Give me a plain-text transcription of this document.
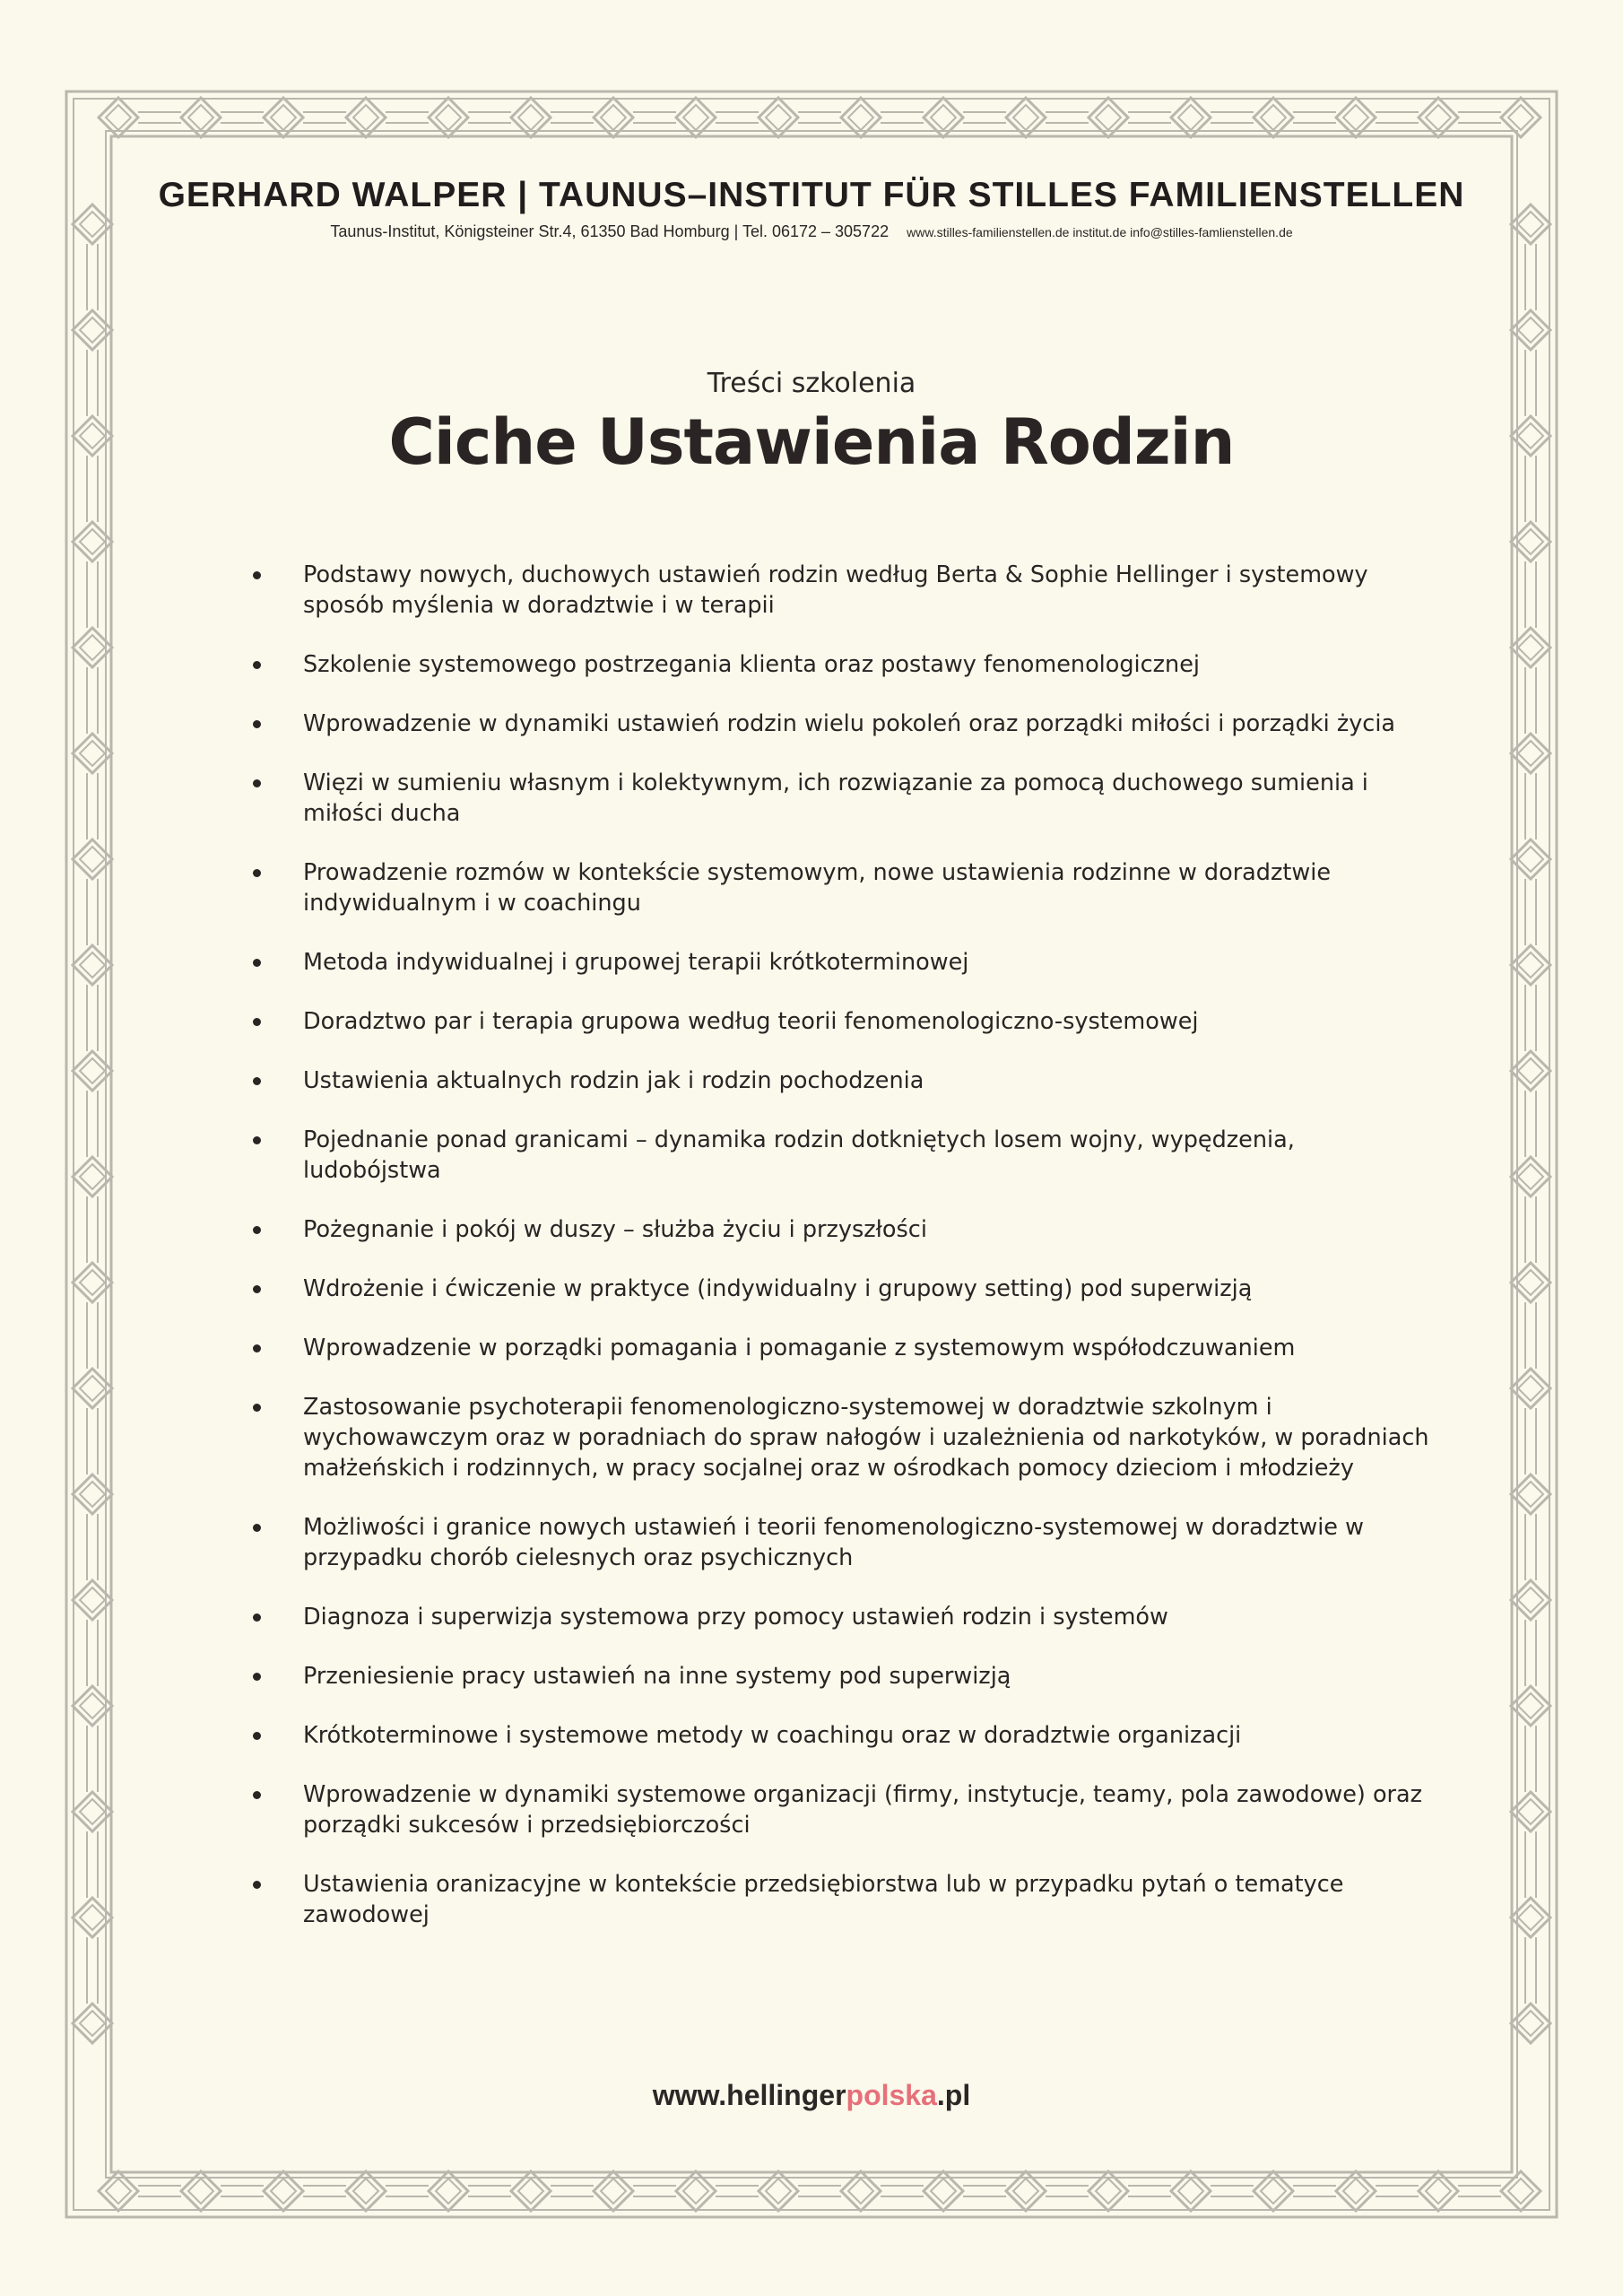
GERHARD WALPER | TAUNUS–INSTITUT FÜR STILLES FAMILIENSTELLEN
Taunus-Institut, Königsteiner Str.4, 61350 Bad Homburg | Tel. 06172 – 305722 www.stilles-familienstellen.de institut.de info@stilles-famlienstellen.de
Treści szkolenia
Ciche Ustawienia Rodzin
Podstawy nowych, duchowych ustawień rodzin według Berta & Sophie Hellinger i systemowy sposób myślenia w doradztwie i w terapii
Szkolenie systemowego postrzegania klienta oraz postawy fenomenologicznej
Wprowadzenie w dynamiki ustawień rodzin wielu pokoleń oraz porządki miłości i porządki życia
Więzi w sumieniu własnym i kolektywnym, ich rozwiązanie za pomocą duchowego sumienia i miłości ducha
Prowadzenie rozmów w kontekście systemowym, nowe ustawienia rodzinne w doradztwie indywidualnym i w coachingu
Metoda indywidualnej i grupowej terapii krótkoterminowej
Doradztwo par i terapia grupowa według teorii fenomenologiczno-systemowej
Ustawienia aktualnych rodzin jak i rodzin pochodzenia
Pojednanie ponad granicami – dynamika rodzin dotkniętych losem wojny, wypędzenia, ludobójstwa
Pożegnanie i pokój w duszy – służba życiu i przyszłości
Wdrożenie i ćwiczenie w praktyce (indywidualny i grupowy setting) pod superwizją
Wprowadzenie w porządki pomagania i pomaganie z systemowym współodczuwaniem
Zastosowanie psychoterapii fenomenologiczno-systemowej w doradztwie szkolnym i wychowawczym oraz w poradniach do spraw nałogów i uzależnienia od narkotyków, w poradniach małżeńskich i rodzinnych, w pracy socjalnej oraz w ośrodkach pomocy dzieciom i młodzieży
Możliwości i granice nowych ustawień i teorii fenomenologiczno-systemowej w doradztwie w przypadku chorób cielesnych oraz psychicznych
Diagnoza i superwizja systemowa przy pomocy ustawień rodzin i systemów
Przeniesienie pracy ustawień na inne systemy pod superwizją
Krótkoterminowe i systemowe metody w coachingu oraz w doradztwie organizacji
Wprowadzenie w dynamiki systemowe organizacji (firmy, instytucje, teamy, pola zawodowe) oraz porządki sukcesów i przedsiębiorczości
Ustawienia oranizacyjne w kontekście przedsiębiorstwa lub w przypadku pytań o tematyce zawodowej
www.hellingerpolska.pl
